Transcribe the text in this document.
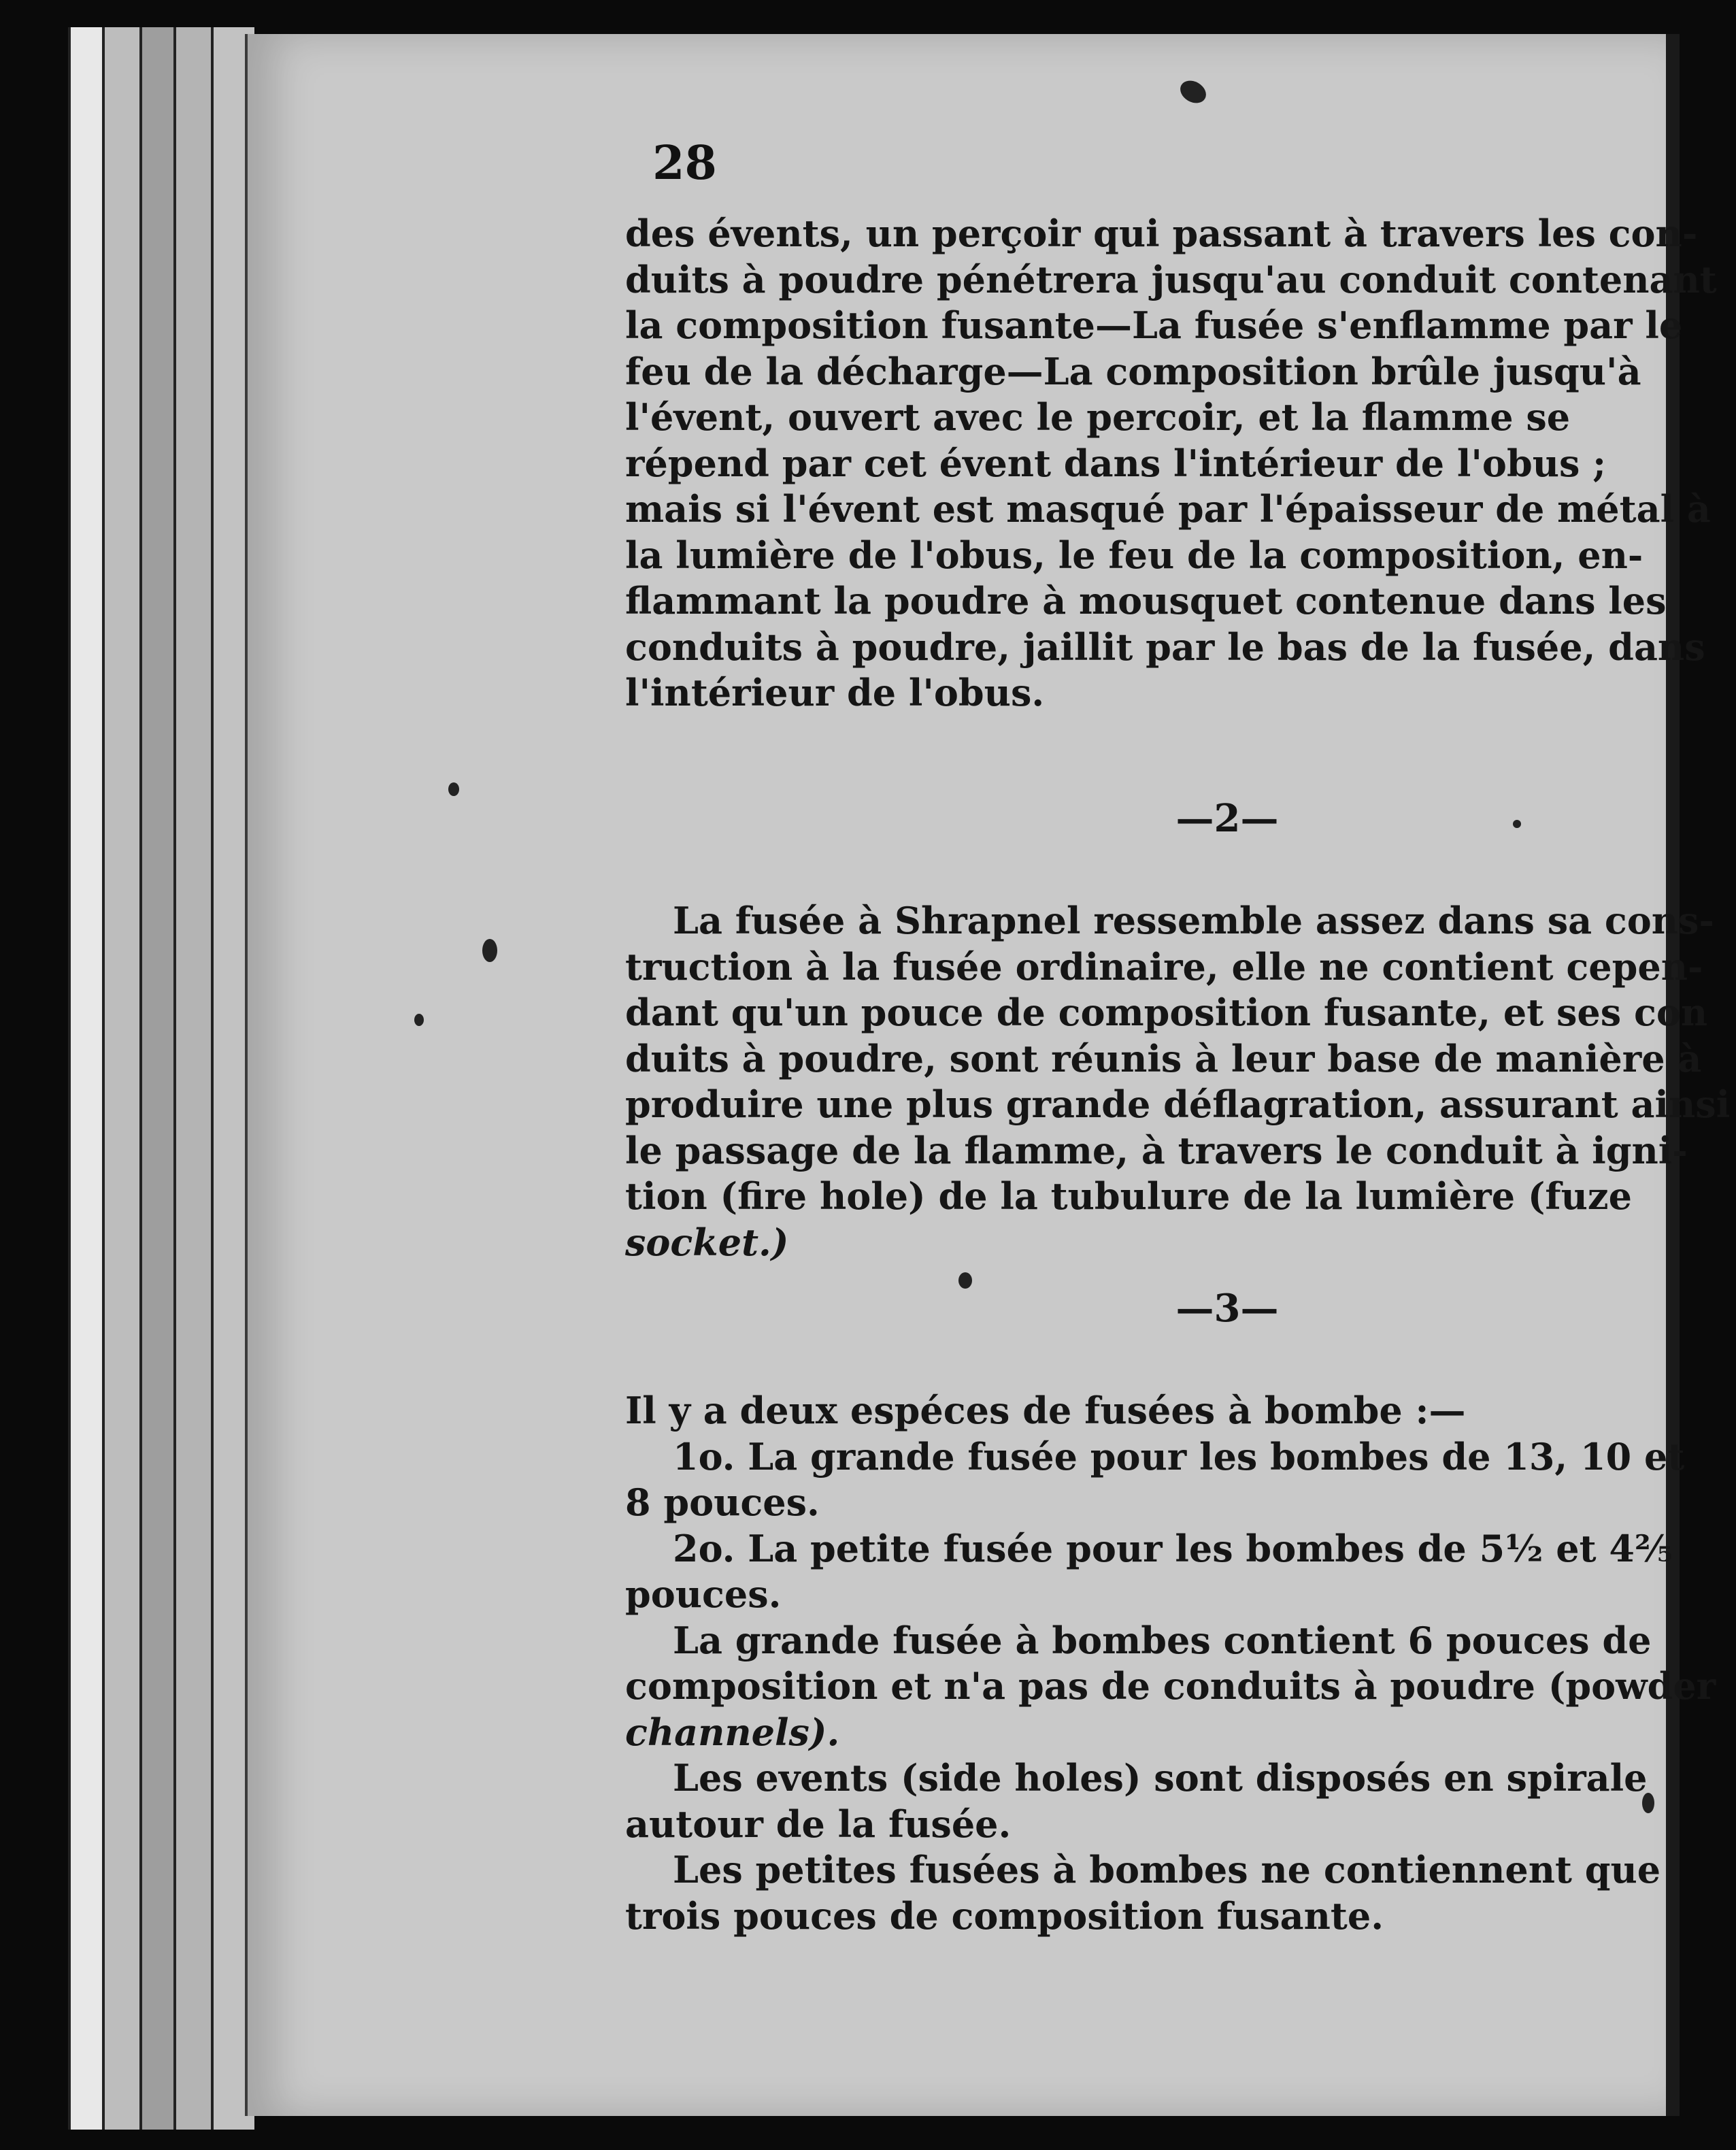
28

des évents, un perçoir qui passant à travers les con-

duits à poudre pénétrera jusqu'au conduit contenant

la composition fusante—La fusée s'enflamme par le

feu de la décharge—La composition brûle jusqu'à

l'évent, ouvert avec le percoir, et la flamme se

répend par cet évent dans l'intérieur de l'obus ;

mais si l'évent est masqué par l'épaisseur de métal à

la lumière de l'obus, le feu de la composition, en-

flammant la poudre à mousquet contenue dans les

conduits à poudre, jaillit par le bas de la fusée, dans

l'intérieur de l'obus.

—2—

La fusée à Shrapnel ressemble assez dans sa cons-

truction à la fusée ordinaire, elle ne contient cepen-

dant qu'un pouce de composition fusante, et ses con

duits à poudre, sont réunis à leur base de manière à

produire une plus grande déflagration, assurant ainsi

le passage de la flamme, à travers le conduit à igni-

tion (fire hole) de la tubulure de la lumière (fuze

socket.)

—3—

Il y a deux espéces de fusées à bombe :—

1o. La grande fusée pour les bombes de 13, 10 et

8 pouces.

2o. La petite fusée pour les bombes de 5½ et 4⅖

pouces.

La grande fusée à bombes contient 6 pouces de

composition et n'a pas de conduits à poudre (powder

channels).

Les events (side holes) sont disposés en spirale

autour de la fusée.

Les petites fusées à bombes ne contiennent que

trois pouces de composition fusante.
